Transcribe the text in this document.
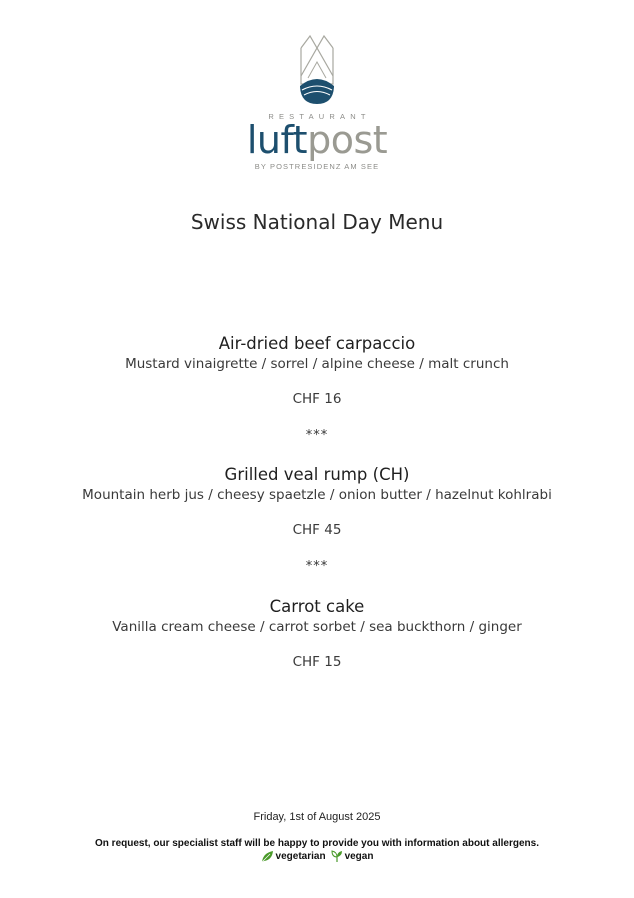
RESTAURANT
luftpost
BY POSTRESIDENZ AM SEE
Swiss National Day Menu
Air-dried beef carpaccio
Mustard vinaigrette / sorrel / alpine cheese / malt crunch
CHF 16
***
Grilled veal rump (CH)
Mountain herb jus / cheesy spaetzle / onion butter / hazelnut kohlrabi
CHF 45
***
Carrot cake
Vanilla cream cheese / carrot sorbet / sea buckthorn / ginger
CHF 15
Friday, 1st of August 2025
On request, our specialist staff will be happy to provide you with information about allergens.
vegetarian vegan
